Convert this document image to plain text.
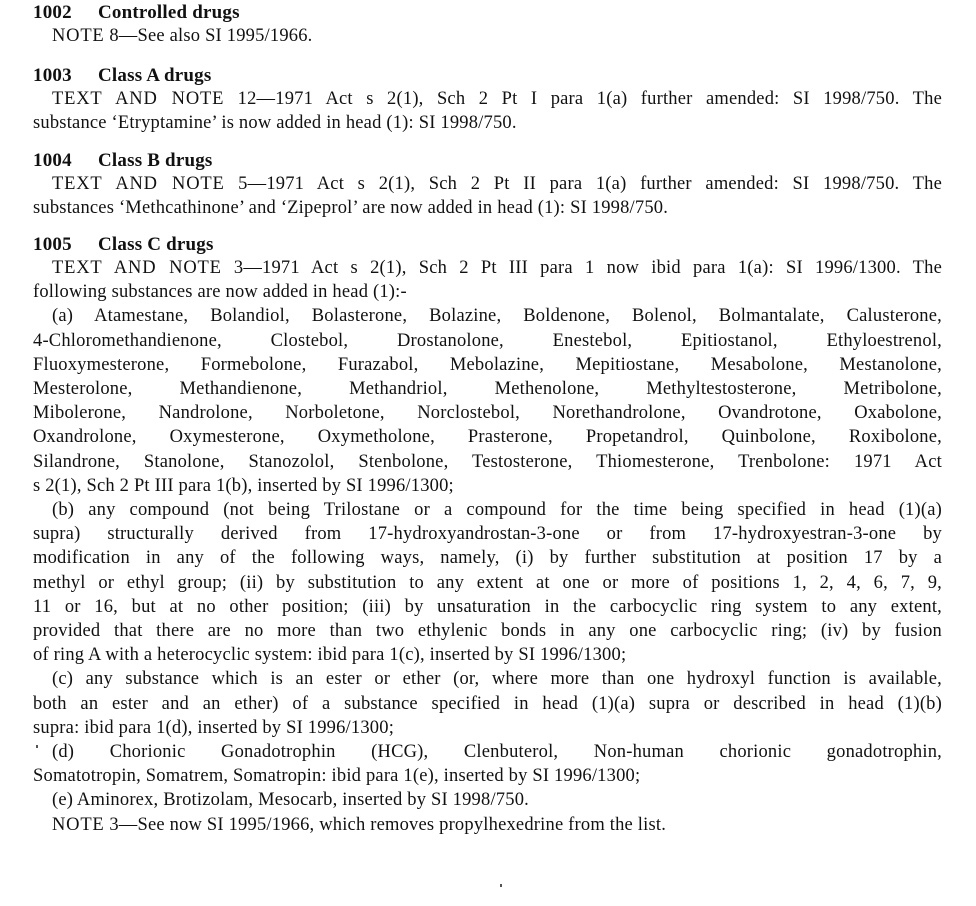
1002 Controlled drugs
NOTE 8—See also SI 1995/1966.
1003 Class A drugs
TEXT AND NOTE 12—1971 Act s 2(1), Sch 2 Pt I para 1(a) further amended: SI 1998/750. The
substance ‘Etryptamine’ is now added in head (1): SI 1998/750.
1004 Class B drugs
TEXT AND NOTE 5—1971 Act s 2(1), Sch 2 Pt II para 1(a) further amended: SI 1998/750. The
substances ‘Methcathinone’ and ‘Zipeprol’ are now added in head (1): SI 1998/750.
1005 Class C drugs
TEXT AND NOTE 3—1971 Act s 2(1), Sch 2 Pt III para 1 now ibid para 1(a): SI 1996/1300. The
following substances are now added in head (1):-
(a) Atamestane, Bolandiol, Bolasterone, Bolazine, Boldenone, Bolenol, Bolmantalate, Calusterone,
4-Chloromethandienone, Clostebol, Drostanolone, Enestebol, Epitiostanol, Ethyloestrenol,
Fluoxymesterone, Formebolone, Furazabol, Mebolazine, Mepitiostane, Mesabolone, Mestanolone,
Mesterolone, Methandienone, Methandriol, Methenolone, Methyltestosterone, Metribolone,
Mibolerone, Nandrolone, Norboletone, Norclostebol, Norethandrolone, Ovandrotone, Oxabolone,
Oxandrolone, Oxymesterone, Oxymetholone, Prasterone, Propetandrol, Quinbolone, Roxibolone,
Silandrone, Stanolone, Stanozolol, Stenbolone, Testosterone, Thiomesterone, Trenbolone: 1971 Act
s 2(1), Sch 2 Pt III para 1(b), inserted by SI 1996/1300;
(b) any compound (not being Trilostane or a compound for the time being specified in head (1)(a)
supra) structurally derived from 17-hydroxyandrostan-3-one or from 17-hydroxyestran-3-one by
modification in any of the following ways, namely, (i) by further substitution at position 17 by a
methyl or ethyl group; (ii) by substitution to any extent at one or more of positions 1, 2, 4, 6, 7, 9,
11 or 16, but at no other position; (iii) by unsaturation in the carbocyclic ring system to any extent,
provided that there are no more than two ethylenic bonds in any one carbocyclic ring; (iv) by fusion
of ring A with a heterocyclic system: ibid para 1(c), inserted by SI 1996/1300;
(c) any substance which is an ester or ether (or, where more than one hydroxyl function is available,
both an ester and an ether) of a substance specified in head (1)(a) supra or described in head (1)(b)
supra: ibid para 1(d), inserted by SI 1996/1300;
(d) Chorionic Gonadotrophin (HCG), Clenbuterol, Non-human chorionic gonadotrophin,
Somatotropin, Somatrem, Somatropin: ibid para 1(e), inserted by SI 1996/1300;
(e) Aminorex, Brotizolam, Mesocarb, inserted by SI 1998/750.
NOTE 3—See now SI 1995/1966, which removes propylhexedrine from the list.
